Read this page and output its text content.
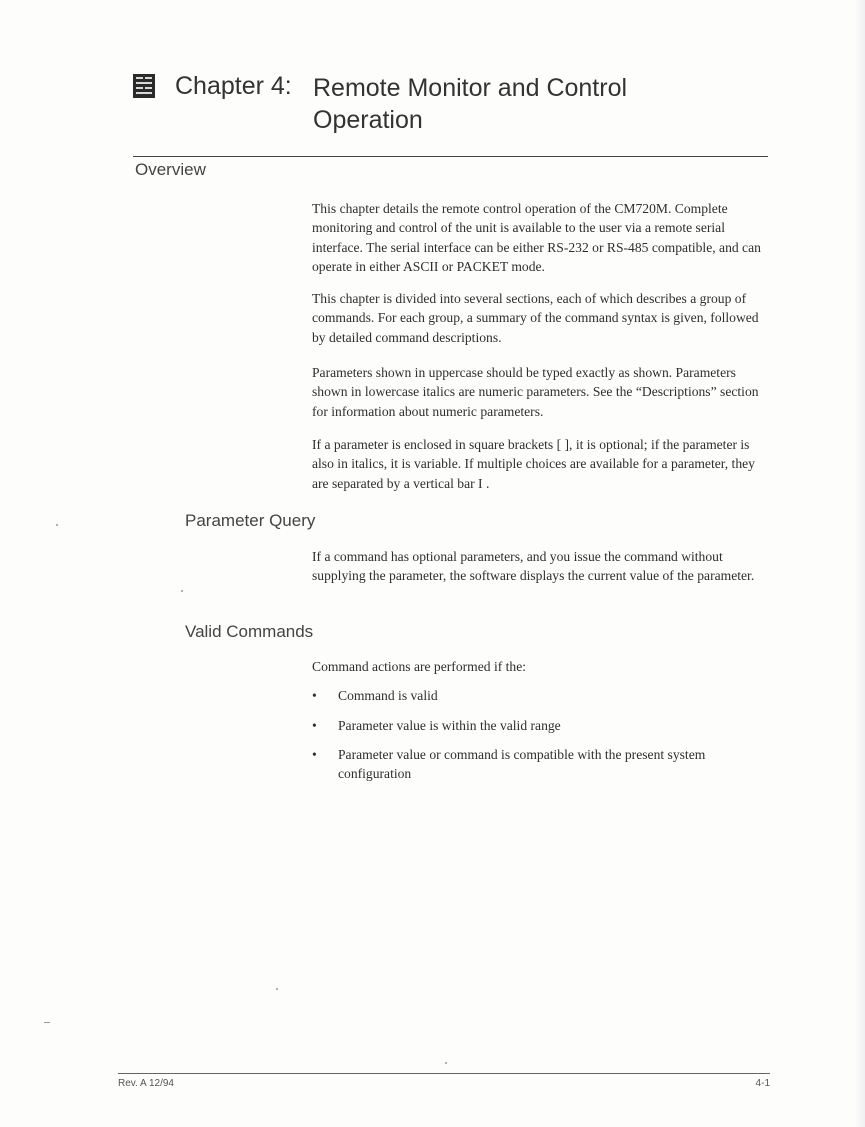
Chapter 4: Remote Monitor and Control Operation
Overview
This chapter details the remote control operation of the CM720M. Complete monitoring and control of the unit is available to the user via a remote serial interface. The serial interface can be either RS-232 or RS-485 compatible, and can operate in either ASCII or PACKET mode.
This chapter is divided into several sections, each of which describes a group of commands. For each group, a summary of the command syntax is given, followed by detailed command descriptions.
Parameters shown in uppercase should be typed exactly as shown. Parameters shown in lowercase italics are numeric parameters. See the “Descriptions” section for information about numeric parameters.
If a parameter is enclosed in square brackets [ ], it is optional; if the parameter is also in italics, it is variable. If multiple choices are available for a parameter, they are separated by a vertical bar I .
Parameter Query
If a command has optional parameters, and you issue the command without supplying the parameter, the software displays the current value of the parameter.
Valid Commands
Command actions are performed if the:
•	Command is valid
•	Parameter value is within the valid range
•	Parameter value or command is compatible with the present system configuration
Rev. A 12/94	4-1
